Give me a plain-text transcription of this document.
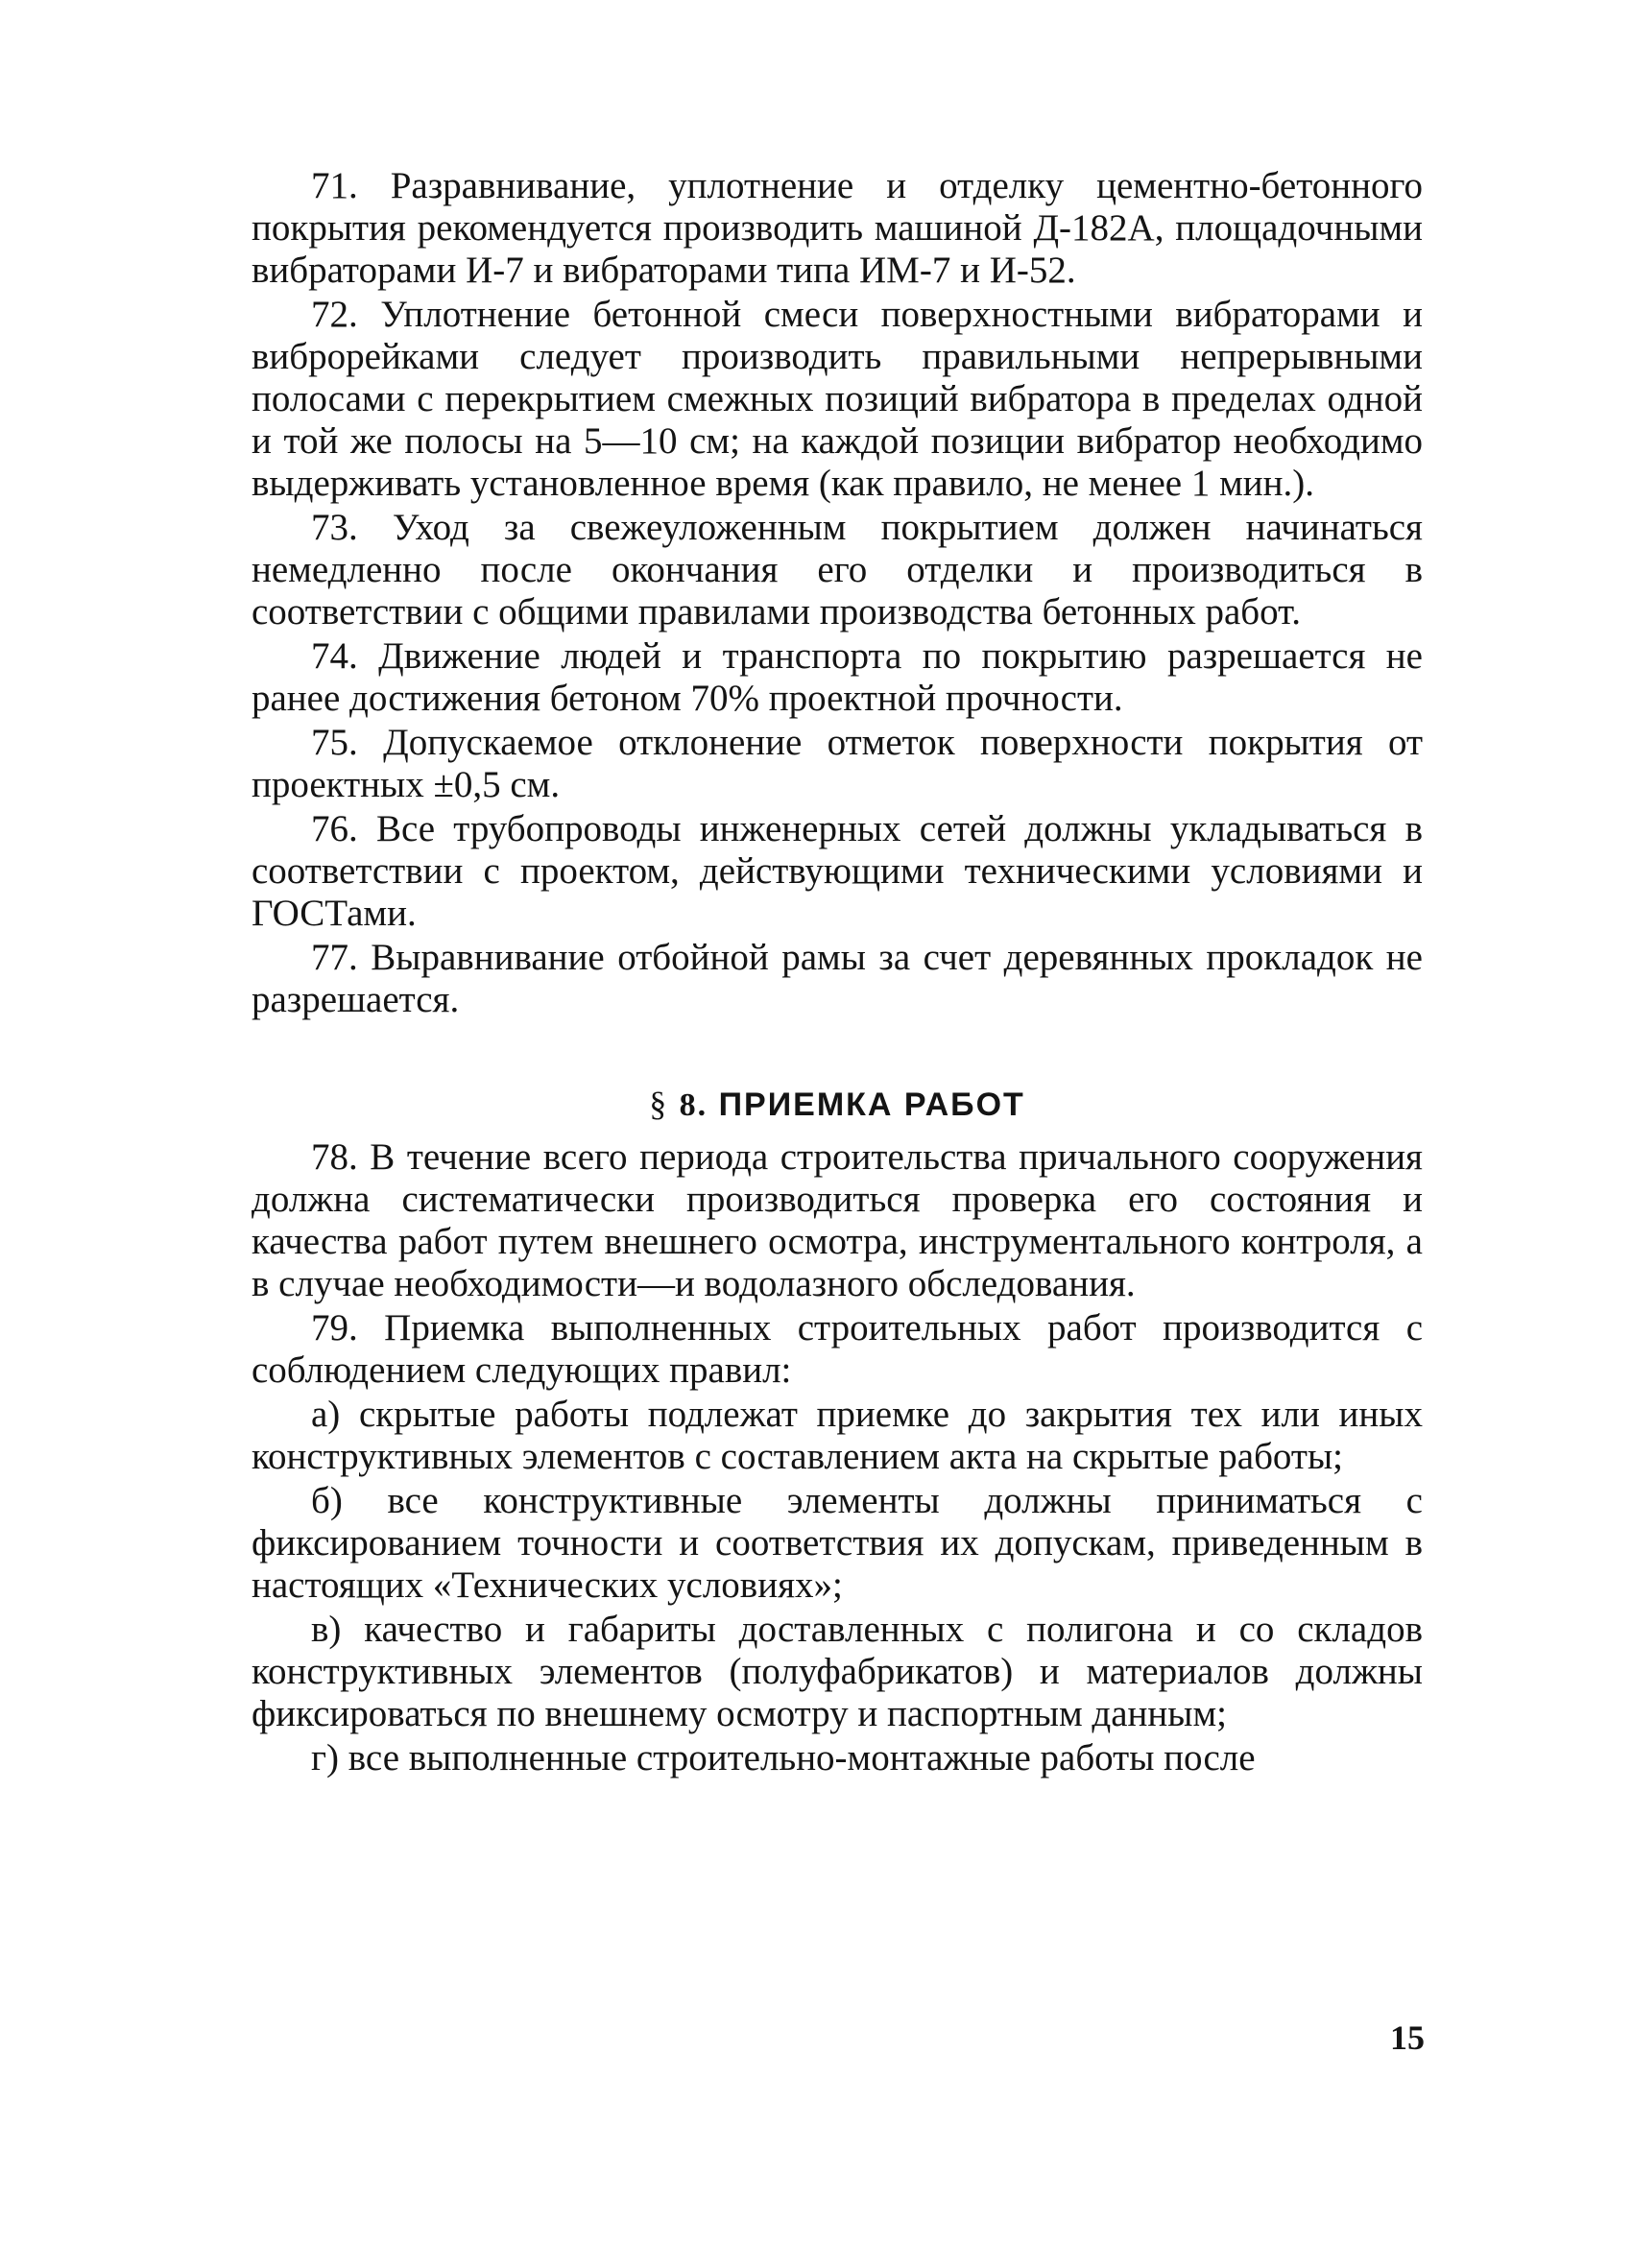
71. Разравнивание, уплотнение и отделку цементно-бетонного покрытия рекомендуется производить машиной Д-182А, площадочными вибраторами И-7 и вибраторами типа ИМ-7 и И-52.

72. Уплотнение бетонной смеси поверхностными вибраторами и виброрейками следует производить правильными непрерывными полосами с перекрытием смежных позиций вибратора в пределах одной и той же полосы на 5—10 см; на каждой позиции вибратор необходимо выдерживать установленное время (как правило, не менее 1 мин.).

73. Уход за свежеуложенным покрытием должен начинаться немедленно после окончания его отделки и производиться в соответствии с общими правилами производства бетонных работ.

74. Движение людей и транспорта по покрытию разрешается не ранее достижения бетоном 70% проектной прочности.

75. Допускаемое отклонение отметок поверхности покрытия от проектных ±0,5 см.

76. Все трубопроводы инженерных сетей должны укладываться в соответствии с проектом, действующими техническими условиями и ГОСТами.

77. Выравнивание отбойной рамы за счет деревянных прокладок не разрешается.

§ 8. ПРИЕМКА РАБОТ

78. В течение всего периода строительства причального сооружения должна систематически производиться проверка его состояния и качества работ путем внешнего осмотра, инструментального контроля, а в случае необходимости—и водолазного обследования.

79. Приемка выполненных строительных работ производится с соблюдением следующих правил:

а) скрытые работы подлежат приемке до закрытия тех или иных конструктивных элементов с составлением акта на скрытые работы;

б) все конструктивные элементы должны приниматься с фиксированием точности и соответствия их допускам, приведенным в настоящих «Технических условиях»;

в) качество и габариты доставленных с полигона и со складов конструктивных элементов (полуфабрикатов) и материалов должны фиксироваться по внешнему осмотру и паспортным данным;

г) все выполненные строительно-монтажные работы после

15
